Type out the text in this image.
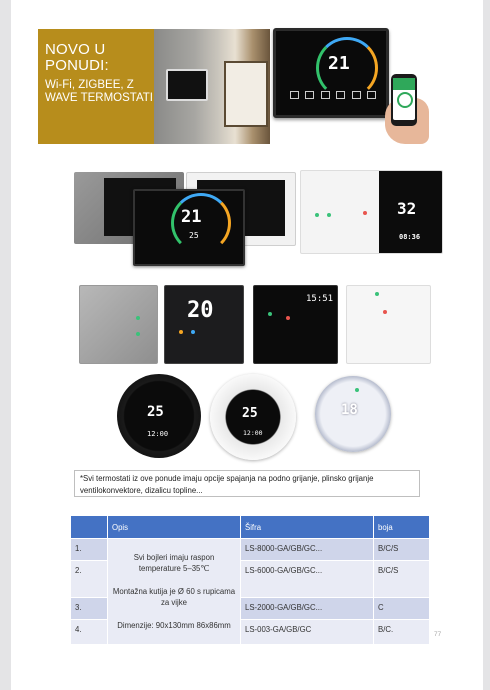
NOVO U PONUDI:
Wi-Fi, ZIGBEE, Z WAVE TERMOSTATI
21
21
25
32
08:36
20	15:51
25
12:00
25
12:00
18
*Svi termostati iz ove ponude imaju opcije spajanja na podno grijanje, plinsko grijanje ventilokonvektore, dizalicu topline...
	Opis	Šifra	boja
1.	Svi bojleri imaju raspon temperature 5–35℃

Montažna kutija je Ø 60 s rupicama za vijke

Dimenzije: 90x130mm 86x86mm	LS-8000-GA/GB/GC...	B/C/S
2.		LS-6000-GA/GB/GC...	B/C/S
3.		LS-2000-GA/GB/GC...	C
4.		LS-003-GA/GB/GC	B/C.
77
